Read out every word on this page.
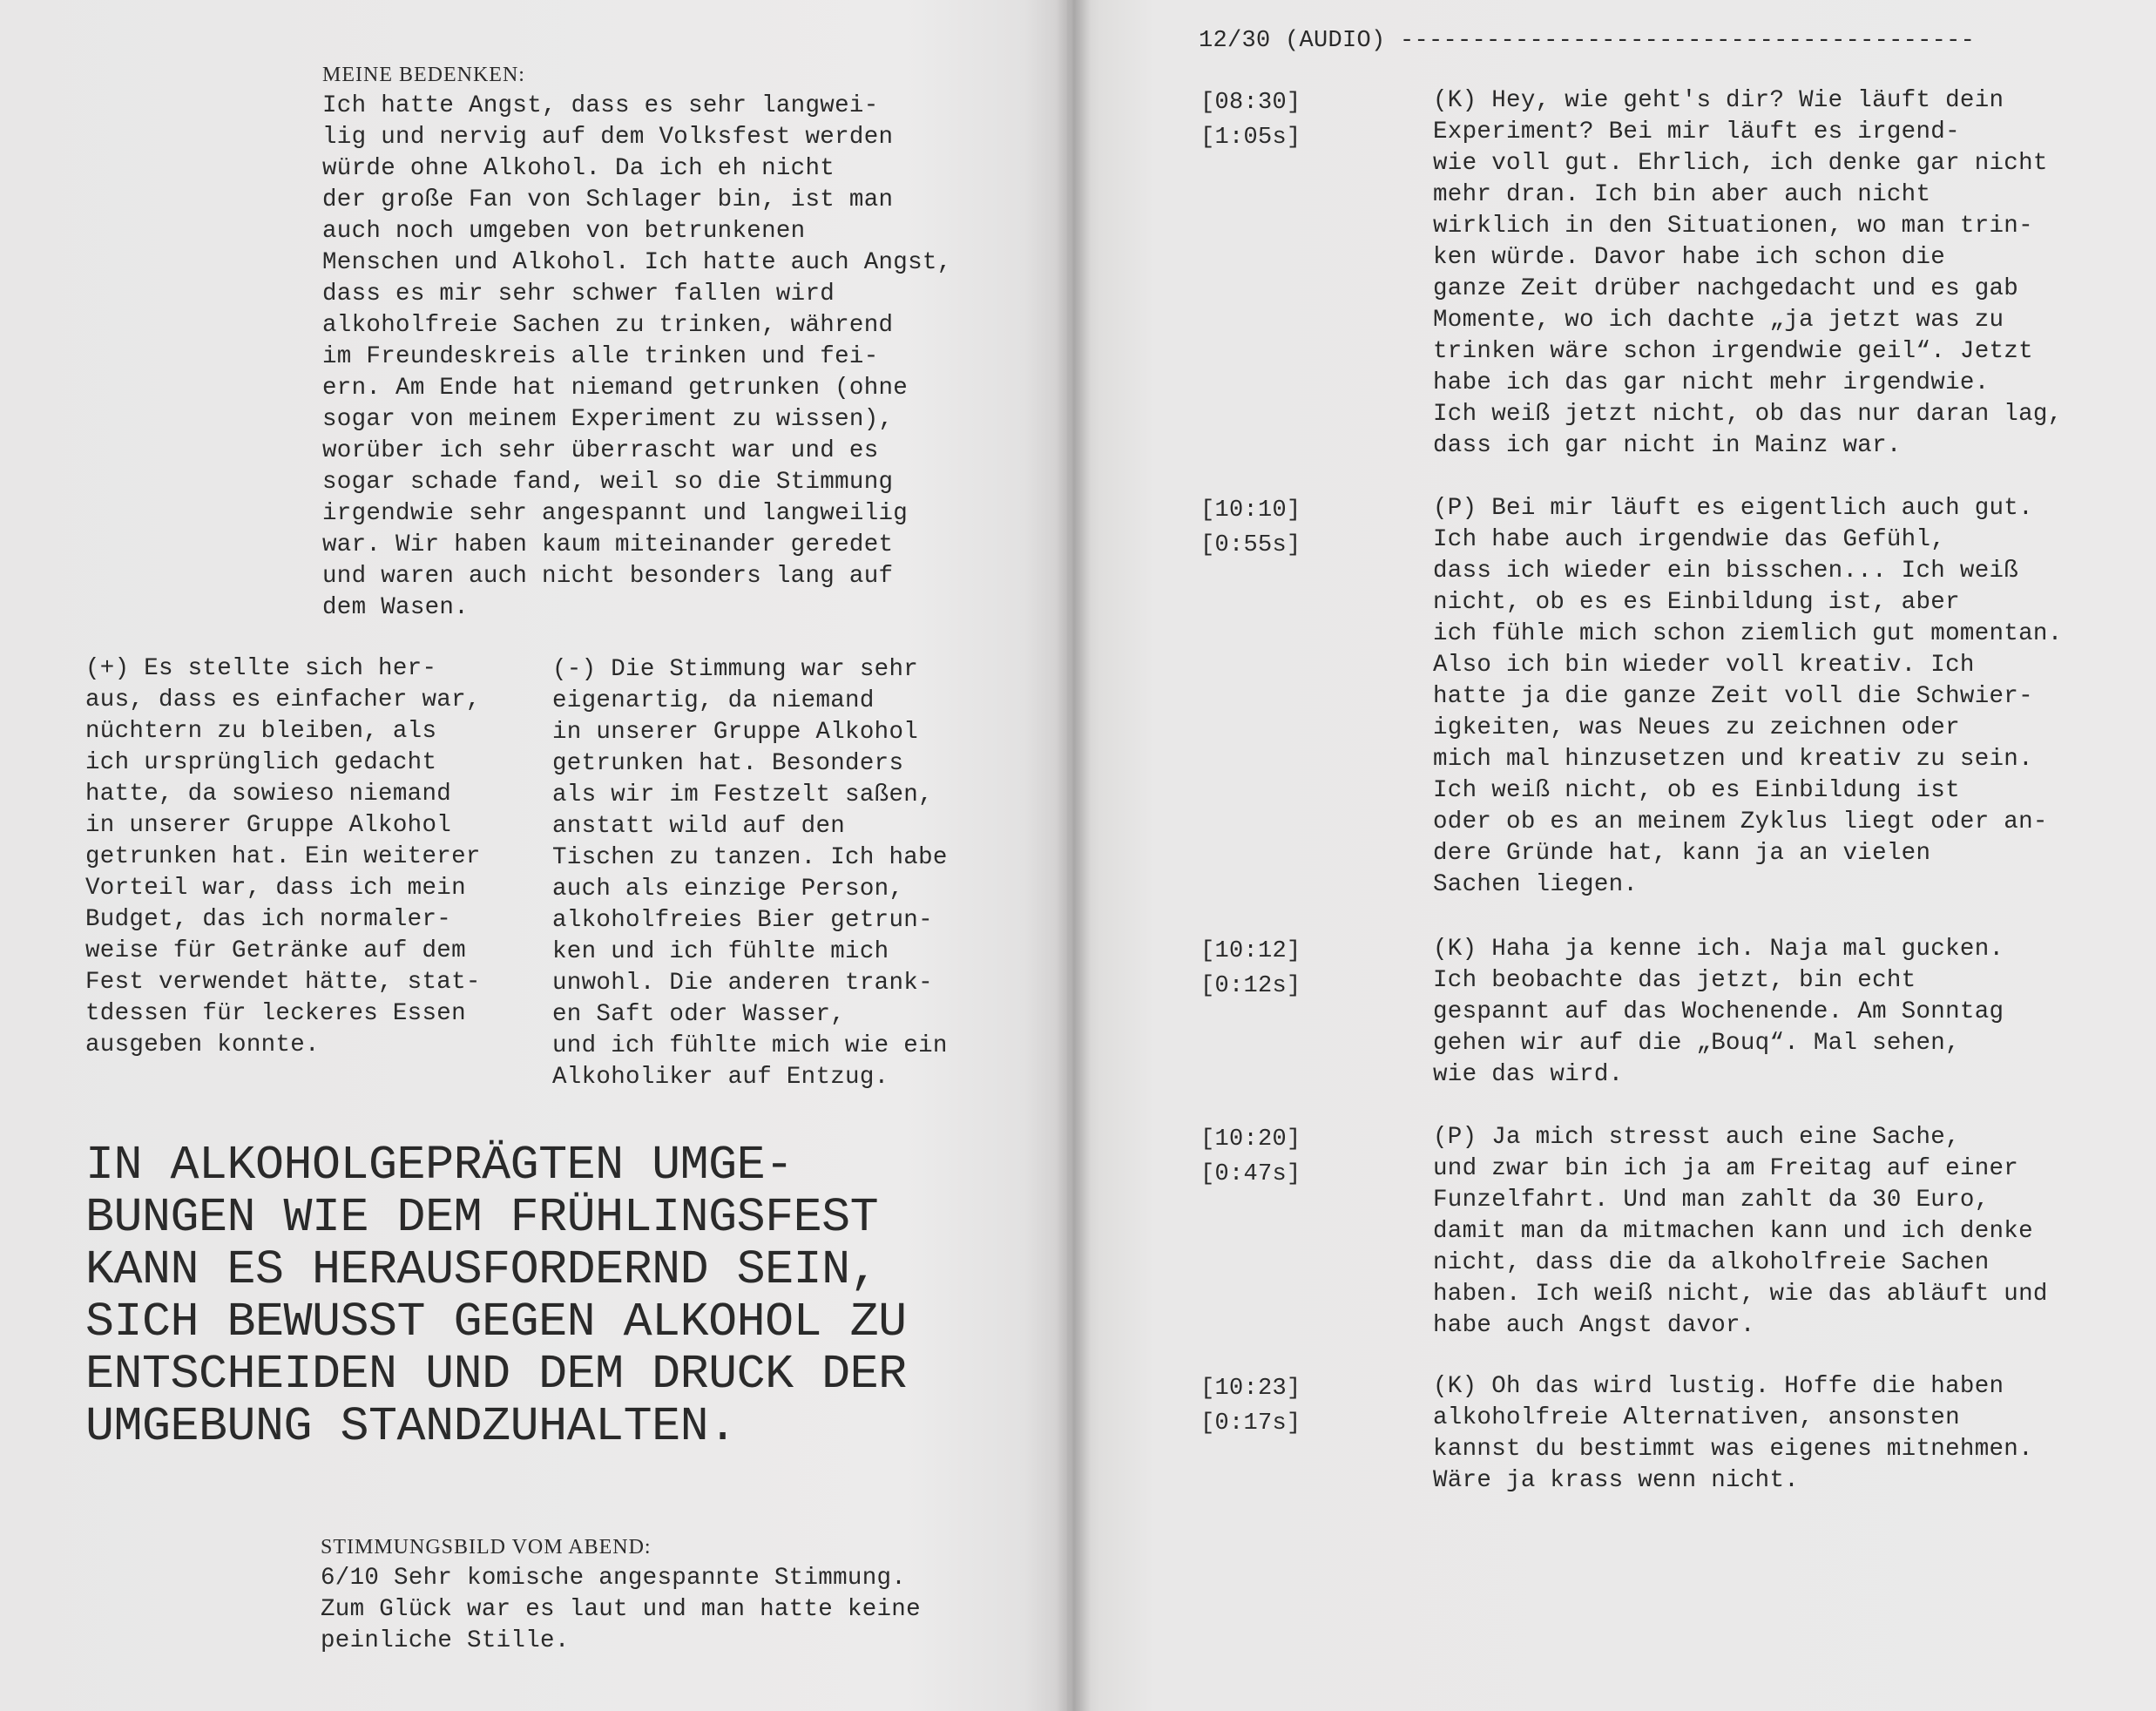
MEINE BEDENKEN:

Ich hatte Angst, dass es sehr langwei-
lig und nervig auf dem Volksfest werden
würde ohne Alkohol. Da ich eh nicht
der große Fan von Schlager bin, ist man
auch noch umgeben von betrunkenen
Menschen und Alkohol. Ich hatte auch Angst,
dass es mir sehr schwer fallen wird
alkoholfreie Sachen zu trinken, während
im Freundeskreis alle trinken und fei-
ern. Am Ende hat niemand getrunken (ohne
sogar von meinem Experiment zu wissen),
worüber ich sehr überrascht war und es
sogar schade fand, weil so die Stimmung
irgendwie sehr angespannt und langweilig
war. Wir haben kaum miteinander geredet
und waren auch nicht besonders lang auf
dem Wasen.

(+) Es stellte sich her-
aus, dass es einfacher war,
nüchtern zu bleiben, als
ich ursprünglich gedacht
hatte, da sowieso niemand
in unserer Gruppe Alkohol
getrunken hat. Ein weiterer
Vorteil war, dass ich mein
Budget, das ich normaler-
weise für Getränke auf dem
Fest verwendet hätte, stat-
tdessen für leckeres Essen
ausgeben konnte.

(-) Die Stimmung war sehr
eigenartig, da niemand
in unserer Gruppe Alkohol
getrunken hat. Besonders
als wir im Festzelt saßen,
anstatt wild auf den
Tischen zu tanzen. Ich habe
auch als einzige Person,
alkoholfreies Bier getrun-
ken und ich fühlte mich
unwohl. Die anderen trank-
en Saft oder Wasser,
und ich fühlte mich wie ein
Alkoholiker auf Entzug.

IN ALKOHOLGEPRÄGTEN UMGE-
BUNGEN WIE DEM FRÜHLINGSFEST
KANN ES HERAUSFORDERND SEIN,
SICH BEWUSST GEGEN ALKOHOL ZU
ENTSCHEIDEN UND DEM DRUCK DER
UMGEBUNG STANDZUHALTEN.

STIMMUNGSBILD VOM ABEND:

6/10 Sehr komische angespannte Stimmung.
Zum Glück war es laut und man hatte keine
peinliche Stille.

12/30 (AUDIO) ----------------------------------------

[08:30]
[1:05s]

(K) Hey, wie geht's dir? Wie läuft dein
Experiment? Bei mir läuft es irgend-
wie voll gut. Ehrlich, ich denke gar nicht
mehr dran. Ich bin aber auch nicht
wirklich in den Situationen, wo man trin-
ken würde. Davor habe ich schon die
ganze Zeit drüber nachgedacht und es gab
Momente, wo ich dachte „ja jetzt was zu
trinken wäre schon irgendwie geil“. Jetzt
habe ich das gar nicht mehr irgendwie.
Ich weiß jetzt nicht, ob das nur daran lag,
dass ich gar nicht in Mainz war.

[10:10]
[0:55s]

(P) Bei mir läuft es eigentlich auch gut.
Ich habe auch irgendwie das Gefühl,
dass ich wieder ein bisschen... Ich weiß
nicht, ob es es Einbildung ist, aber
ich fühle mich schon ziemlich gut momentan.
Also ich bin wieder voll kreativ. Ich
hatte ja die ganze Zeit voll die Schwier-
igkeiten, was Neues zu zeichnen oder
mich mal hinzusetzen und kreativ zu sein.
Ich weiß nicht, ob es Einbildung ist
oder ob es an meinem Zyklus liegt oder an-
dere Gründe hat, kann ja an vielen
Sachen liegen.

[10:12]
[0:12s]

(K) Haha ja kenne ich. Naja mal gucken.
Ich beobachte das jetzt, bin echt
gespannt auf das Wochenende. Am Sonntag
gehen wir auf die „Bouq“. Mal sehen,
wie das wird.

[10:20]
[0:47s]

(P) Ja mich stresst auch eine Sache,
und zwar bin ich ja am Freitag auf einer
Funzelfahrt. Und man zahlt da 30 Euro,
damit man da mitmachen kann und ich denke
nicht, dass die da alkoholfreie Sachen
haben. Ich weiß nicht, wie das abläuft und
habe auch Angst davor.

[10:23]
[0:17s]

(K) Oh das wird lustig. Hoffe die haben
alkoholfreie Alternativen, ansonsten
kannst du bestimmt was eigenes mitnehmen.
Wäre ja krass wenn nicht.
